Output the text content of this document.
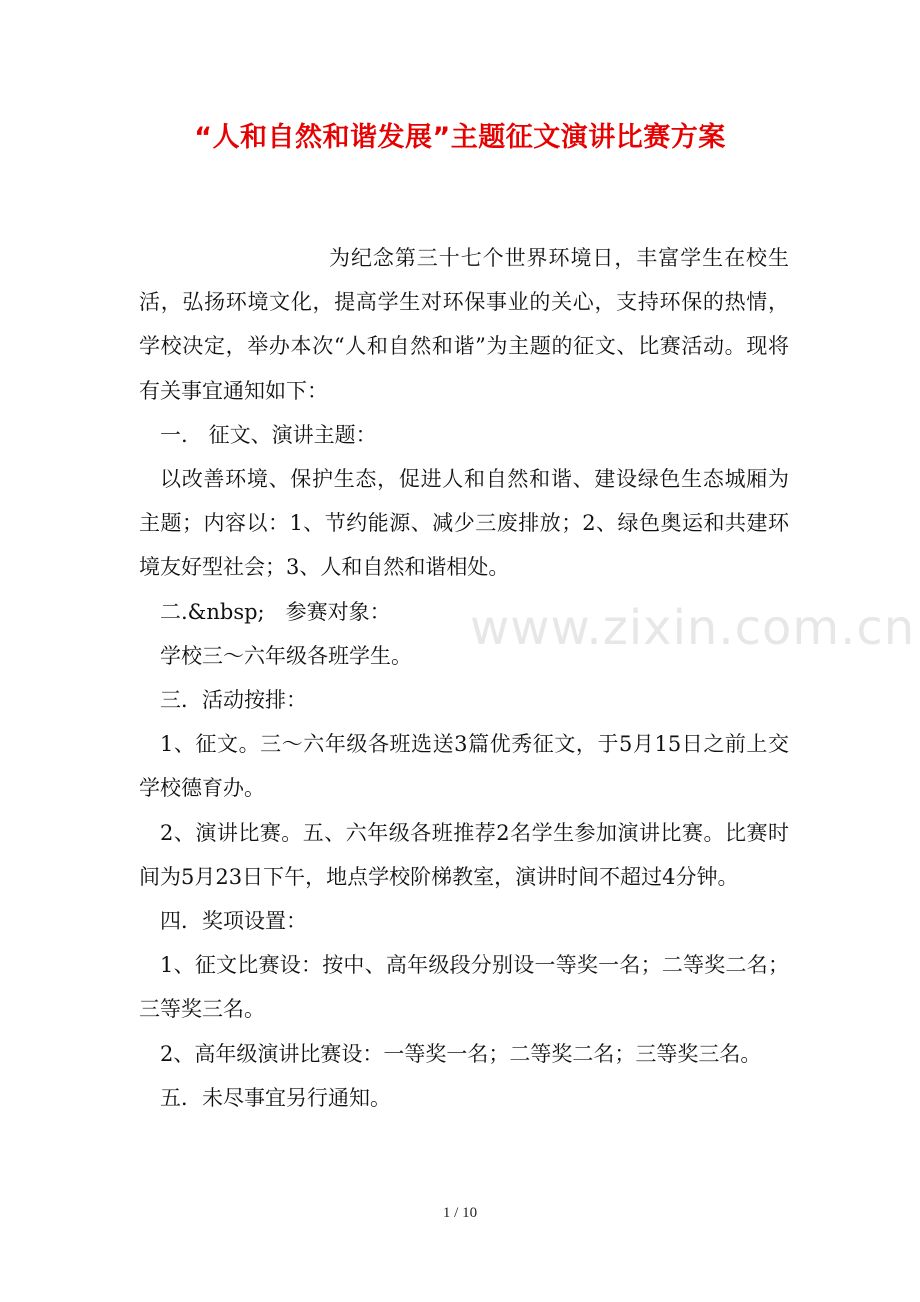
“人和自然和谐发展”主题征文演讲比赛方案

为纪念第三十七个世界环境日，丰富学生在校生活，弘扬环境文化，提高学生对环保事业的关心，支持环保的热情，学校决定，举办本次“人和自然和谐”为主题的征文、比赛活动。现将有关事宜通知如下：

一.　征文、演讲主题：

以改善环境、保护生态，促进人和自然和谐、建设绿色生态城厢为主题；内容以：1、节约能源、减少三废排放；2、绿色奥运和共建环境友好型社会；3、人和自然和谐相处。

二.&nbsp;　参赛对象：

学校三～六年级各班学生。

三．活动按排：

1、征文。三～六年级各班选送3篇优秀征文，于5月15日之前上交学校德育办。

2、演讲比赛。五、六年级各班推荐2名学生参加演讲比赛。比赛时间为5月23日下午，地点学校阶梯教室，演讲时间不超过4分钟。

四．奖项设置：

1、征文比赛设：按中、高年级段分别设一等奖一名；二等奖二名；三等奖三名。

2、高年级演讲比赛设：一等奖一名；二等奖二名；三等奖三名。

五．未尽事宜另行通知。

www.zixin.com.cn
1 / 10
